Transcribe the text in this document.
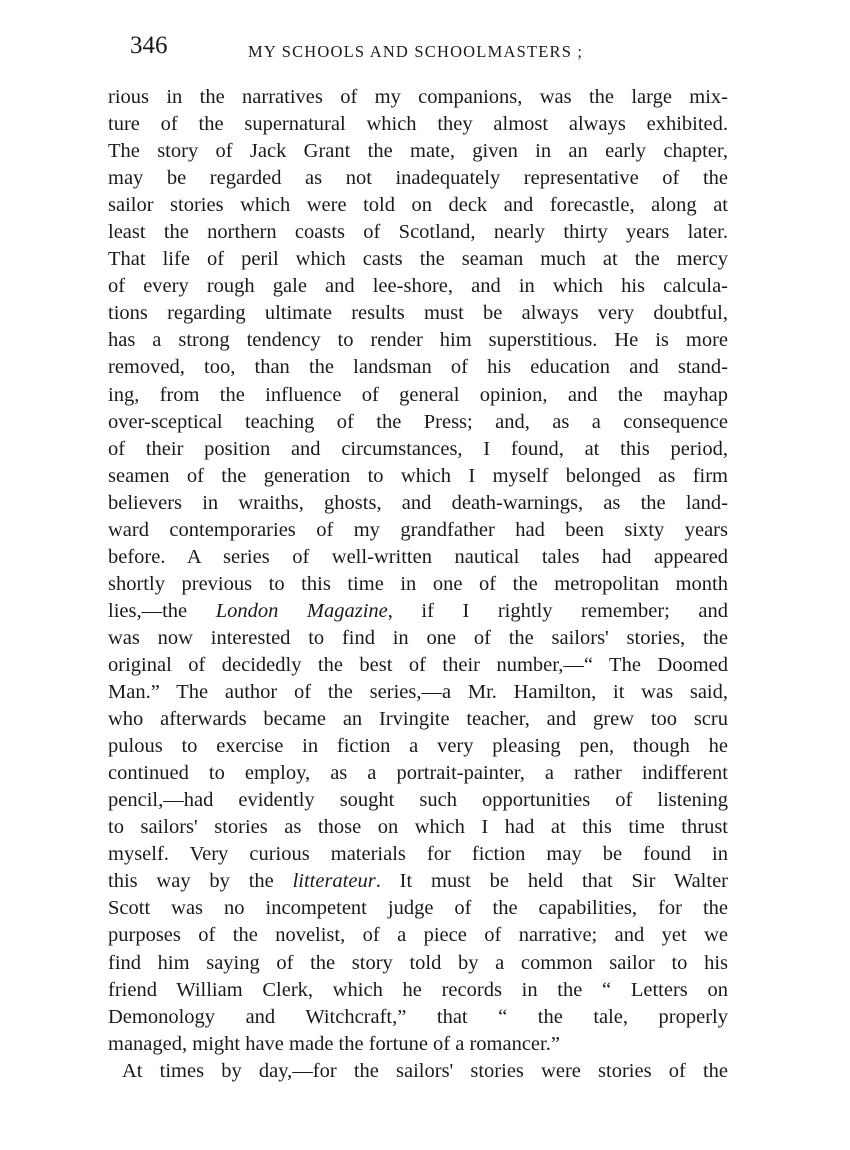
346	MY SCHOOLS AND SCHOOLMASTERS ;
rious in the narratives of my companions, was the large mix-
ture of the supernatural which they almost always exhibited.
The story of Jack Grant the mate, given in an early chapter,
may be regarded as not inadequately representative of the
sailor stories which were told on deck and forecastle, along at
least the northern coasts of Scotland, nearly thirty years later.
That life of peril which casts the seaman much at the mercy
of every rough gale and lee-shore, and in which his calcula-
tions regarding ultimate results must be always very doubtful,
has a strong tendency to render him superstitious. He is more
removed, too, than the landsman of his education and stand-
ing, from the influence of general opinion, and the mayhap
over-sceptical teaching of the Press; and, as a consequence
of their position and circumstances, I found, at this period,
seamen of the generation to which I myself belonged as firm
believers in wraiths, ghosts, and death-warnings, as the land-
ward contemporaries of my grandfather had been sixty years
before. A series of well-written nautical tales had appeared
shortly previous to this time in one of the metropolitan month
lies,—the London Magazine, if I rightly remember; and
was now interested to find in one of the sailors' stories, the
original of decidedly the best of their number,—“ The Doomed
Man.” The author of the series,—a Mr. Hamilton, it was said,
who afterwards became an Irvingite teacher, and grew too scru
pulous to exercise in fiction a very pleasing pen, though he
continued to employ, as a portrait-painter, a rather indifferent
pencil,—had evidently sought such opportunities of listening
to sailors' stories as those on which I had at this time thrust
myself. Very curious materials for fiction may be found in
this way by the litterateur. It must be held that Sir Walter
Scott was no incompetent judge of the capabilities, for the
purposes of the novelist, of a piece of narrative; and yet we
find him saying of the story told by a common sailor to his
friend William Clerk, which he records in the “ Letters on
Demonology and Witchcraft,” that “ the tale, properly
managed, might have made the fortune of a romancer.”
At times by day,—for the sailors' stories were stories of the
